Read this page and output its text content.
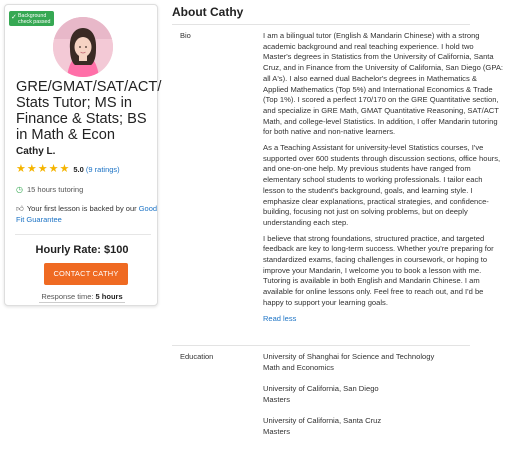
✓ Background
check passed
GRE/GMAT/SAT/ACT/ Stats Tutor; MS in Finance & Stats; BS in Math & Econ
Cathy L.
★ ★ ★ ★ ★ 5.0 (9 ratings)
◷ 15 hours tutoring
👍︎ Your first lesson is backed by our Good Fit Guarantee
Hourly Rate: $100
CONTACT CATHY
Response time: 5 hours
About Cathy
Bio	I am a bilingual tutor (English & Mandarin Chinese) with a strong academic background and real teaching experience. I hold two Master's degrees in Statistics from the University of California, Santa Cruz, and in Finance from the University of California, San Diego (GPA: all A's). I also earned dual Bachelor's degrees in Mathematics & Applied Mathematics (Top 5%) and International Economics & Trade (Top 1%). I scored a perfect 170/170 on the GRE Quantitative section, and specialize in GRE Math, GMAT Quantitative Reasoning, SAT/ACT Math, and college-level Statistics. In addition, I offer Mandarin tutoring for both native and non-native learners.

As a Teaching Assistant for university-level Statistics courses, I've supported over 600 students through discussion sections, office hours, and one-on-one help. My previous students have ranged from elementary school students to working professionals. I tailor each lesson to the student's background, goals, and learning style. I emphasize clear explanations, practical strategies, and confidence-building, focusing not just on solving problems, but on deeply understanding each step.

I believe that strong foundations, structured practice, and targeted feedback are key to long-term success. Whether you're preparing for standardized exams, facing challenges in coursework, or hoping to improve your Mandarin, I welcome you to book a lesson with me. Tutoring is available in both English and Mandarin Chinese. I am available for online lessons only. Feel free to reach out, and I'd be happy to support your learning goals.

Read less

Education	University of Shanghai for Science and Technology
Math and Economics
University of California, San Diego
Masters
University of California, Santa Cruz
Masters
